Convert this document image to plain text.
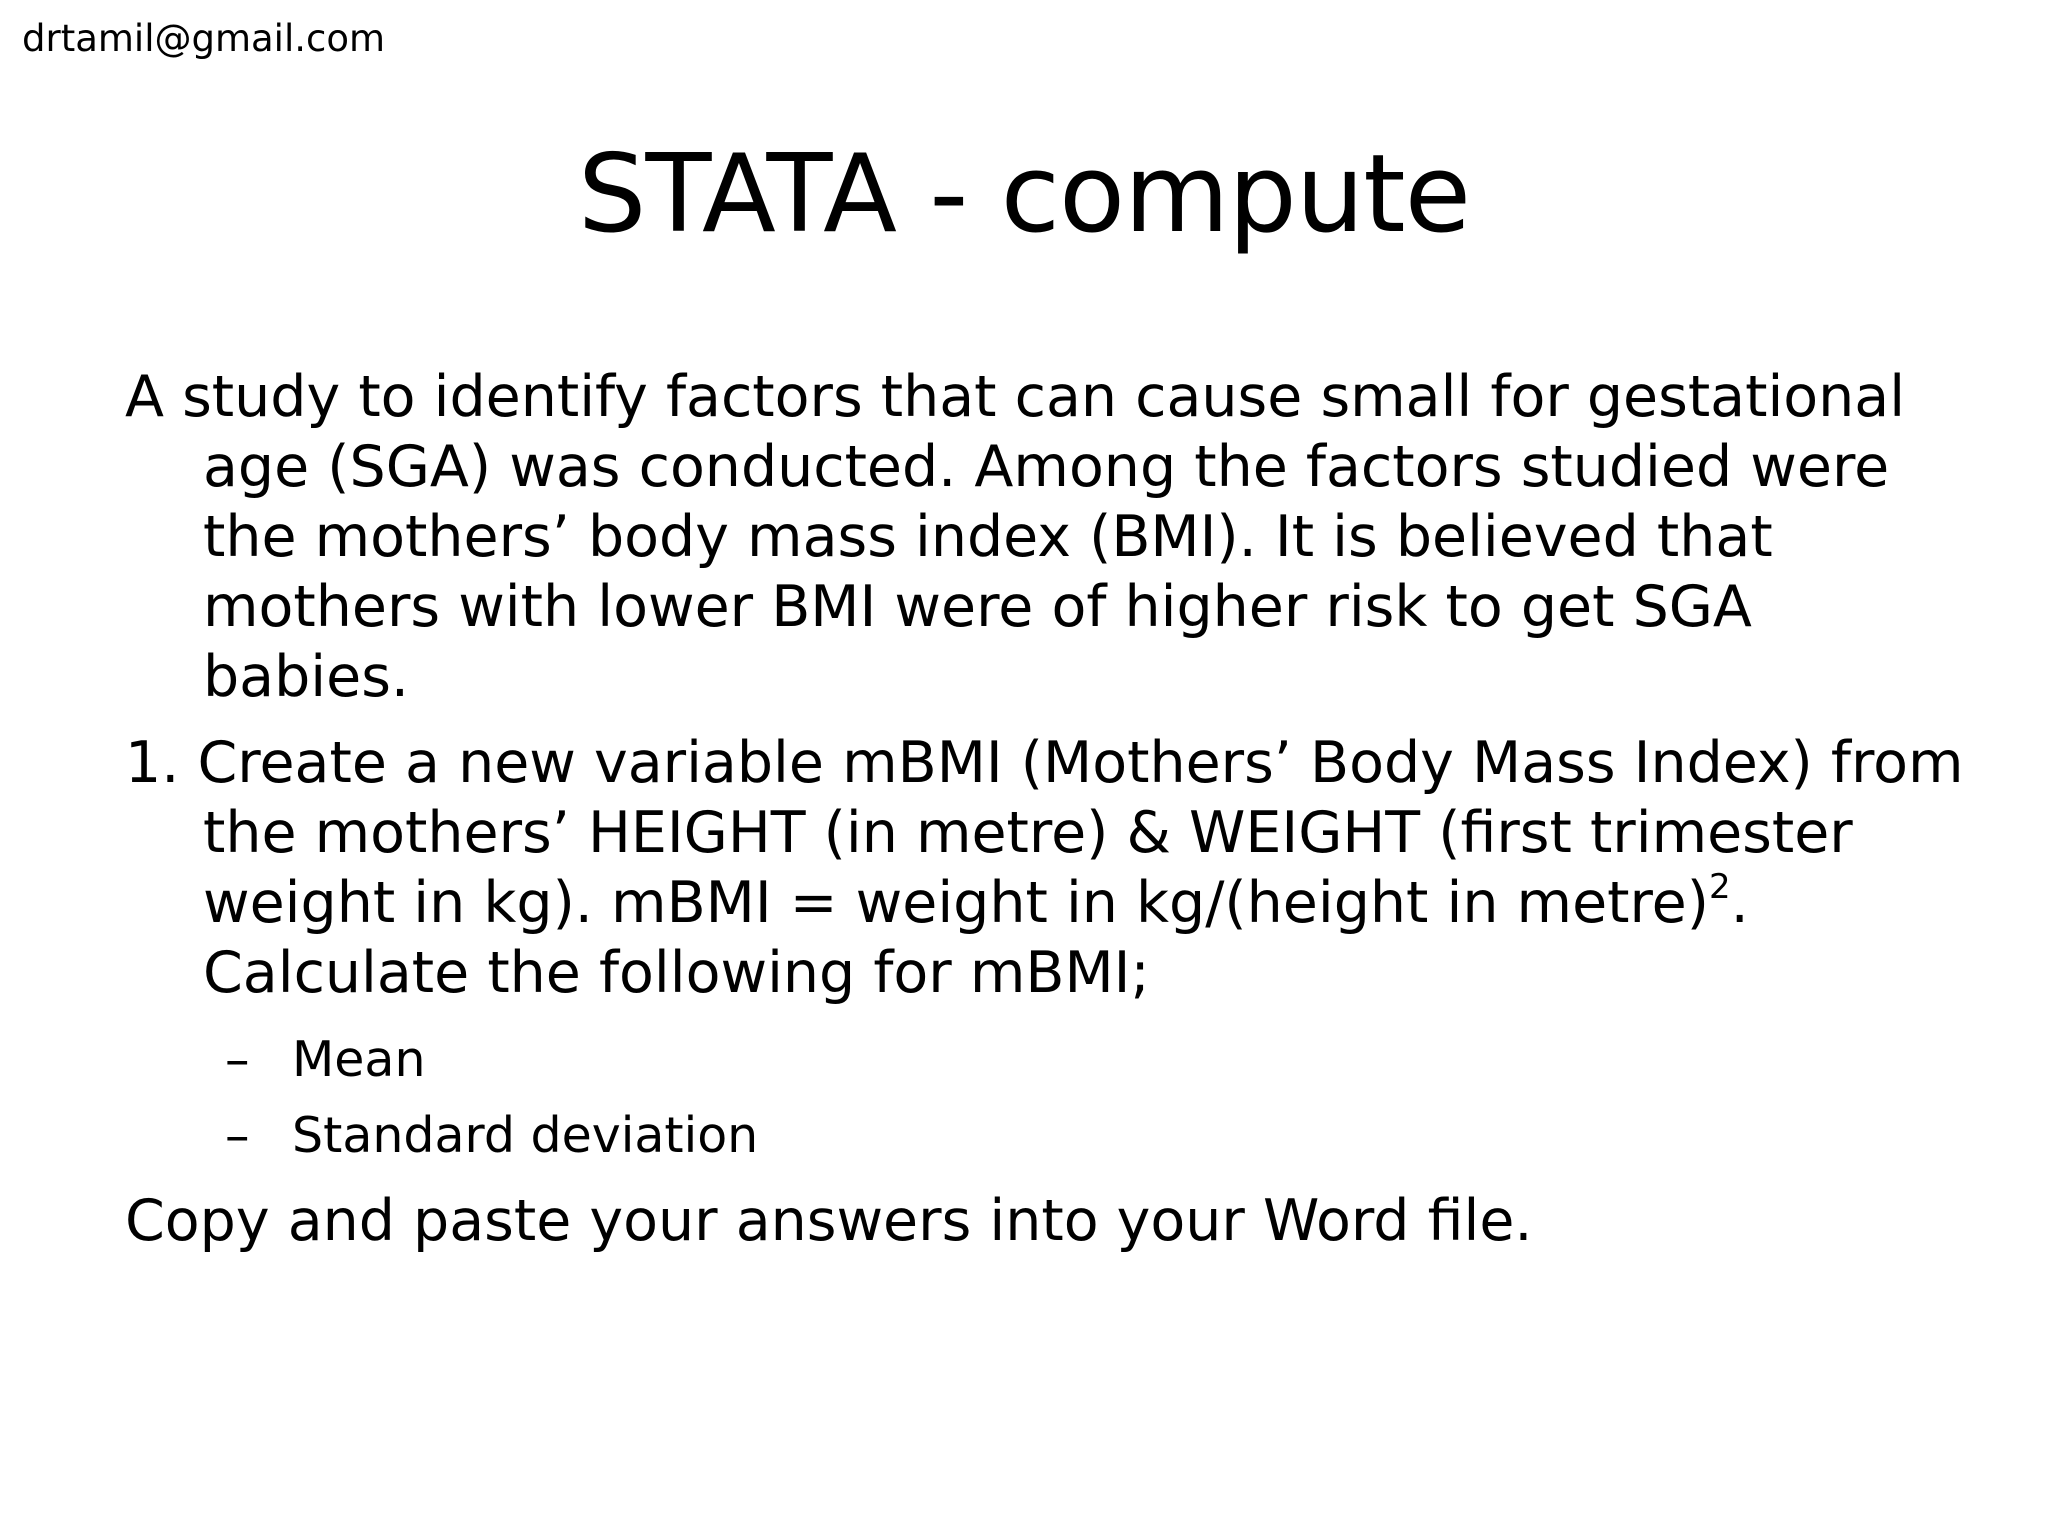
drtamil@gmail.com
STATA - compute

A study to identify factors that can cause small for gestational age (SGA) was conducted. Among the factors studied were the mothers’ body mass index (BMI). It is believed that mothers with lower BMI were of higher risk to get SGA babies.

1. Create a new variable mBMI (Mothers’ Body Mass Index) from the mothers’ HEIGHT (in metre) & WEIGHT (first trimester weight in kg). mBMI = weight in kg/(height in metre)$^2$. Calculate the following for mBMI;

– Mean
– Standard deviation

Copy and paste your answers into your Word file.
